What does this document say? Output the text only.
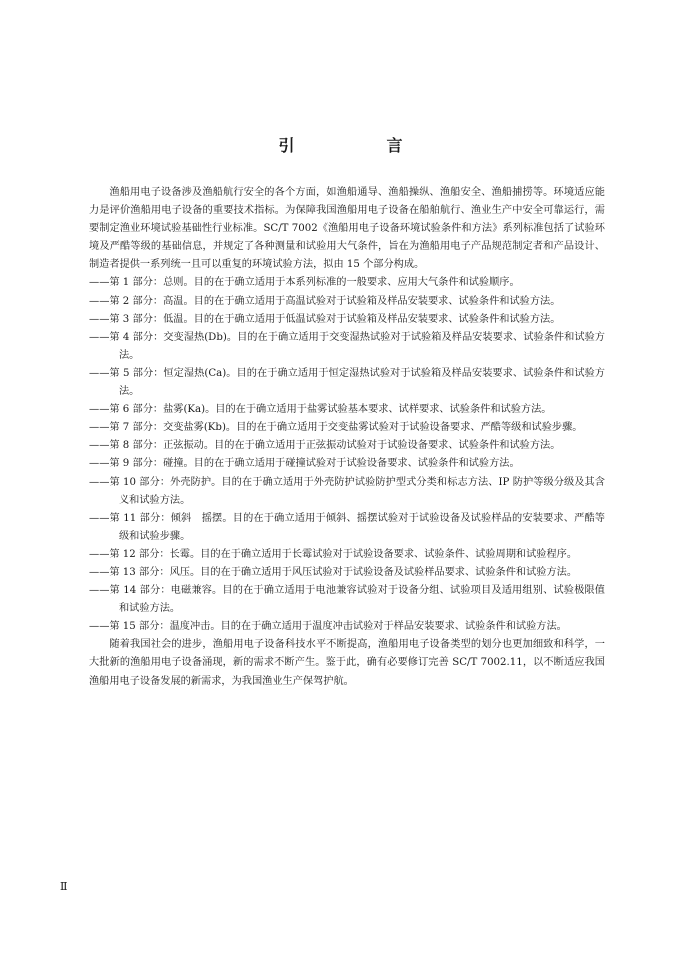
引　言

渔船用电子设备涉及渔船航行安全的各个方面，如渔船通导、渔船操纵、渔船安全、渔船捕捞等。环境适应能力是评价渔船用电子设备的重要技术指标。为保障我国渔船用电子设备在船舶航行、渔业生产中安全可靠运行，需要制定渔业环境试验基础性行业标准。SC/T 7002《渔船用电子设备环境试验条件和方法》系列标准包括了试验环境及严酷等级的基础信息，并规定了各种测量和试验用大气条件，旨在为渔船用电子产品规范制定者和产品设计、制造者提供一系列统一且可以重复的环境试验方法，拟由 15 个部分构成。

——第 1 部分：总则。目的在于确立适用于本系列标准的一般要求、应用大气条件和试验顺序。

——第 2 部分：高温。目的在于确立适用于高温试验对于试验箱及样品安装要求、试验条件和试验方法。

——第 3 部分：低温。目的在于确立适用于低温试验对于试验箱及样品安装要求、试验条件和试验方法。

——第 4 部分：交变湿热(Db)。目的在于确立适用于交变湿热试验对于试验箱及样品安装要求、试验条件和试验方法。

——第 5 部分：恒定湿热(Ca)。目的在于确立适用于恒定湿热试验对于试验箱及样品安装要求、试验条件和试验方法。

——第 6 部分：盐雾(Ka)。目的在于确立适用于盐雾试验基本要求、试样要求、试验条件和试验方法。

——第 7 部分：交变盐雾(Kb)。目的在于确立适用于交变盐雾试验对于试验设备要求、严酷等级和试验步骤。

——第 8 部分：正弦振动。目的在于确立适用于正弦振动试验对于试验设备要求、试验条件和试验方法。

——第 9 部分：碰撞。目的在于确立适用于碰撞试验对于试验设备要求、试验条件和试验方法。

——第 10 部分：外壳防护。目的在于确立适用于外壳防护试验防护型式分类和标志方法、IP 防护等级分级及其含义和试验方法。

——第 11 部分：倾斜　摇摆。目的在于确立适用于倾斜、摇摆试验对于试验设备及试验样品的安装要求、严酷等级和试验步骤。

——第 12 部分：长霉。目的在于确立适用于长霉试验对于试验设备要求、试验条件、试验周期和试验程序。

——第 13 部分：风压。目的在于确立适用于风压试验对于试验设备及试验样品要求、试验条件和试验方法。

——第 14 部分：电磁兼容。目的在于确立适用于电池兼容试验对于设备分组、试验项目及适用组别、试验极限值和试验方法。

——第 15 部分：温度冲击。目的在于确立适用于温度冲击试验对于样品安装要求、试验条件和试验方法。

随着我国社会的进步，渔船用电子设备科技水平不断提高，渔船用电子设备类型的划分也更加细致和科学，一大批新的渔船用电子设备涌现，新的需求不断产生。鉴于此，确有必要修订完善 SC/T 7002.11，以不断适应我国渔船用电子设备发展的新需求，为我国渔业生产保驾护航。

Ⅱ
